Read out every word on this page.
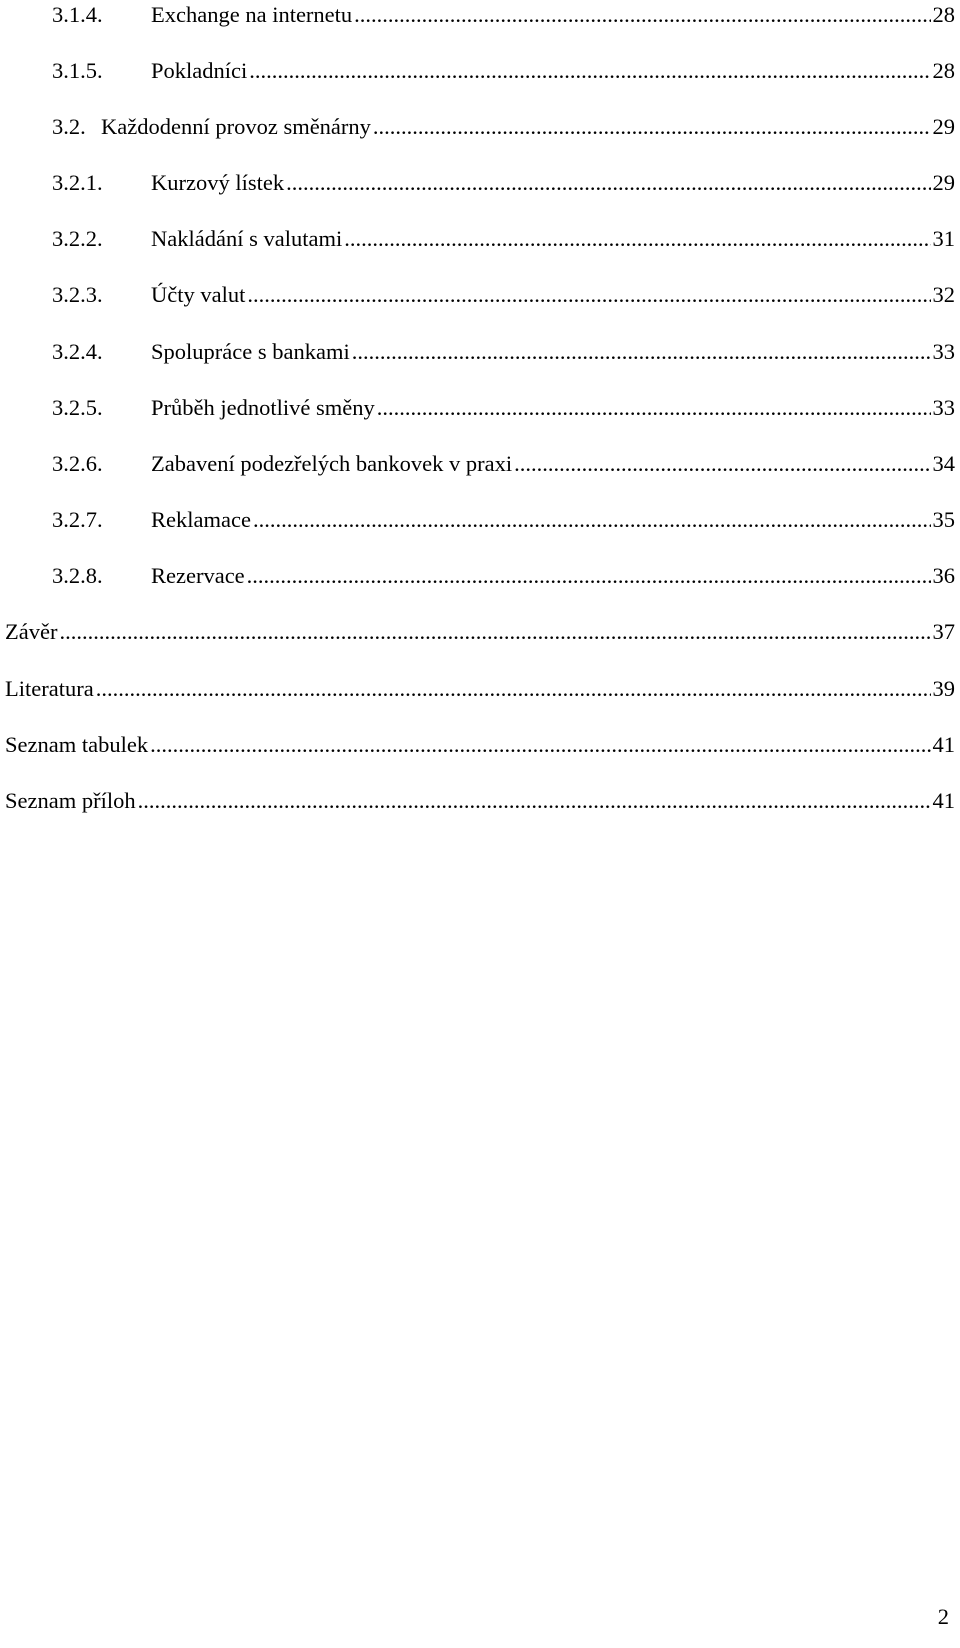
3.1.4. Exchange na internetu .....	28
3.1.5. Pokladníci .....	28
3.2. Každodenní provoz směnárny .....	29
3.2.1. Kurzový lístek .....	29
3.2.2. Nakládání s valutami .....	31
3.2.3. Účty valut .....	32
3.2.4. Spolupráce s bankami .....	33
3.2.5. Průběh jednotlivé směny .....	33
3.2.6. Zabavení podezřelých bankovek v praxi .....	34
3.2.7. Reklamace .....	35
3.2.8. Rezervace .....	36
Závěr .....	37
Literatura .....	39
Seznam tabulek .....	41
Seznam příloh .....	41
2
